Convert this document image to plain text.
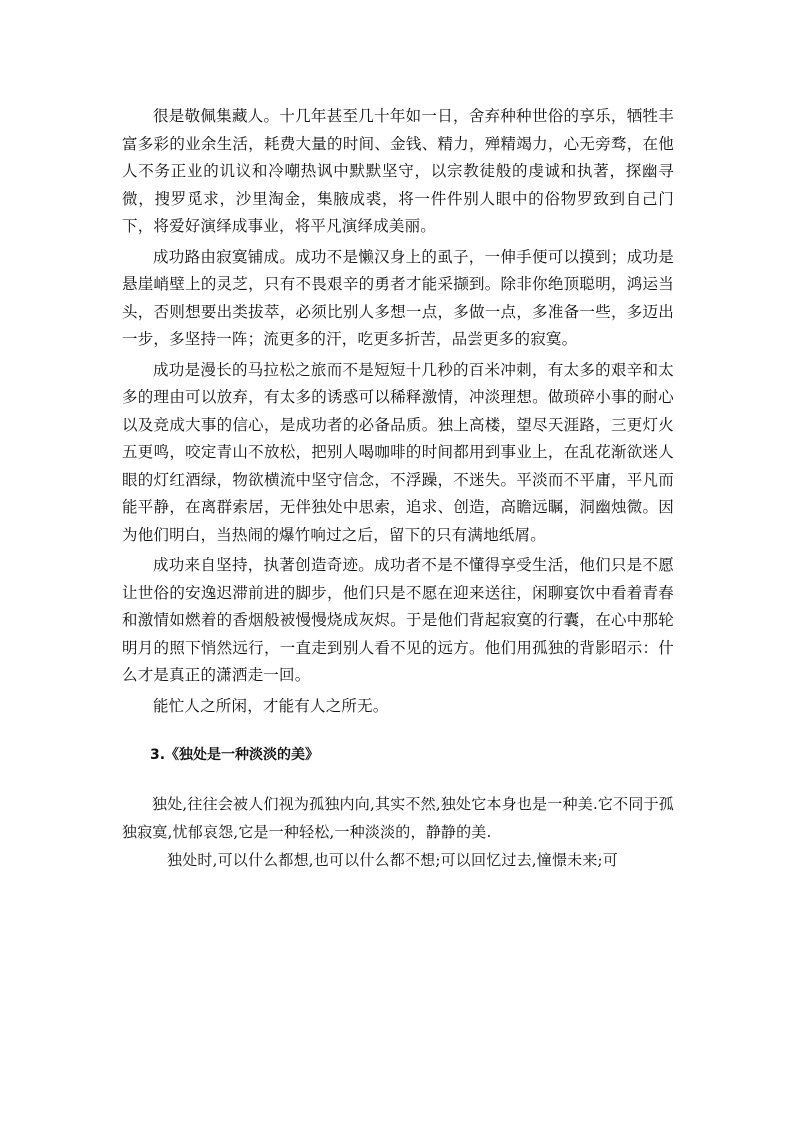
很是敬佩集藏人。十几年甚至几十年如一日，舍弃种种世俗的享乐，牺牲丰富多彩的业余生活，耗费大量的时间、金钱、精力，殚精竭力，心无旁骛，在他人不务正业的讥议和冷嘲热讽中默默坚守，以宗教徒般的虔诚和执著，探幽寻微，搜罗觅求，沙里淘金，集腋成裘，将一件件别人眼中的俗物罗致到自己门下，将爱好演绎成事业，将平凡演绎成美丽。

成功路由寂寞铺成。成功不是懒汉身上的虱子，一伸手便可以摸到；成功是悬崖峭壁上的灵芝，只有不畏艰辛的勇者才能采撷到。除非你绝顶聪明，鸿运当头，否则想要出类拔萃，必须比别人多想一点，多做一点，多准备一些，多迈出一步，多坚持一阵；流更多的汗，吃更多折苦，品尝更多的寂寞。

成功是漫长的马拉松之旅而不是短短十几秒的百米冲刺，有太多的艰辛和太多的理由可以放弃，有太多的诱惑可以稀释激情，冲淡理想。做琐碎小事的耐心以及竞成大事的信心，是成功者的必备品质。独上高楼，望尽天涯路，三更灯火五更鸣，咬定青山不放松，把别人喝咖啡的时间都用到事业上，在乱花渐欲迷人眼的灯红酒绿，物欲横流中坚守信念，不浮躁，不迷失。平淡而不平庸，平凡而能平静，在离群索居，无伴独处中思索，追求、创造，高瞻远瞩，洞幽烛微。因为他们明白，当热闹的爆竹响过之后，留下的只有满地纸屑。

成功来自坚持，执著创造奇迹。成功者不是不懂得享受生活，他们只是不愿让世俗的安逸迟滞前进的脚步，他们只是不愿在迎来送往，闲聊宴饮中看着青春和激情如燃着的香烟般被慢慢烧成灰烬。于是他们背起寂寞的行囊，在心中那轮明月的照下悄然远行，一直走到别人看不见的远方。他们用孤独的背影昭示：什么才是真正的潇洒走一回。

能忙人之所闲，才能有人之所无。

3.《独处是一种淡淡的美》

独处,往往会被人们视为孤独内向,其实不然,独处它本身也是一种美.它不同于孤独寂寞,忧郁哀怨,它是一种轻松,一种淡淡的，静静的美.

独处时,可以什么都想,也可以什么都不想;可以回忆过去,憧憬未来;可
